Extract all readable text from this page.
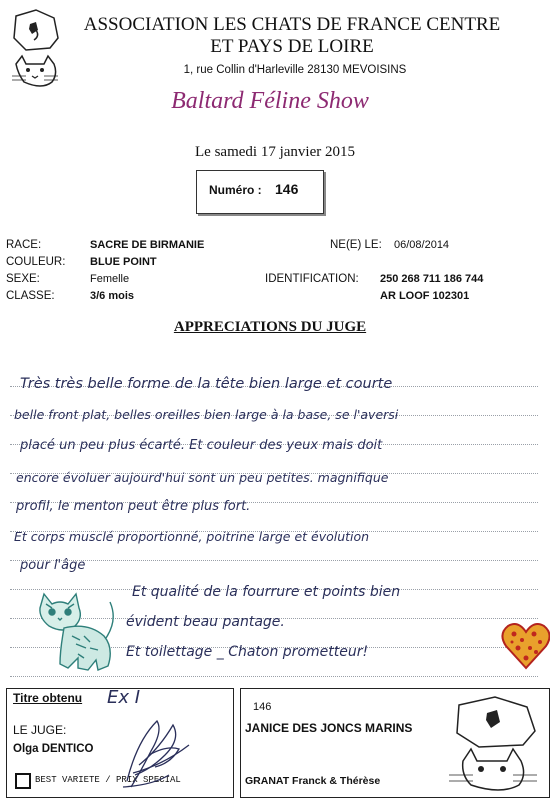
ASSOCIATION LES CHATS DE FRANCE CENTRE
ET PAYS DE LOIRE
1, rue Collin d'Harleville 28130 MEVOISINS
Baltard Féline Show
Le samedi 17 janvier 2015
Numéro : 146
RACE:	SACRE DE BIRMANIE
COULEUR: BLUE POINT
SEXE:	Femelle
CLASSE:	3/6 mois
NE(E) LE: 06/08/2014
IDENTIFICATION: 250 268 711 186 744
AR LOOF 102301
APPRECIATIONS DU JUGE
Très très belle forme de la tête bien large et courte
belle front plat, belles oreilles bien large à la base, se l'aversi
placé un peu plus écarté. Et couleur des yeux mais doit
encore évoluer aujourd'hui sont un peu petites. magnifique
profil, le menton peut être plus fort.
Et corps musclé proportionné, poitrine large et évolution
pour l'âge
Et qualité de la fourrure et points bien
évident beau pantage.
Et toilettage _ Chaton prometteur!
Titre obtenu Ex I
LE JUGE:
Olga DENTICO
BEST VARIETE / PRIX SPECIAL
146
JANICE DES JONCS MARINS
GRANAT Franck & Thérèse
